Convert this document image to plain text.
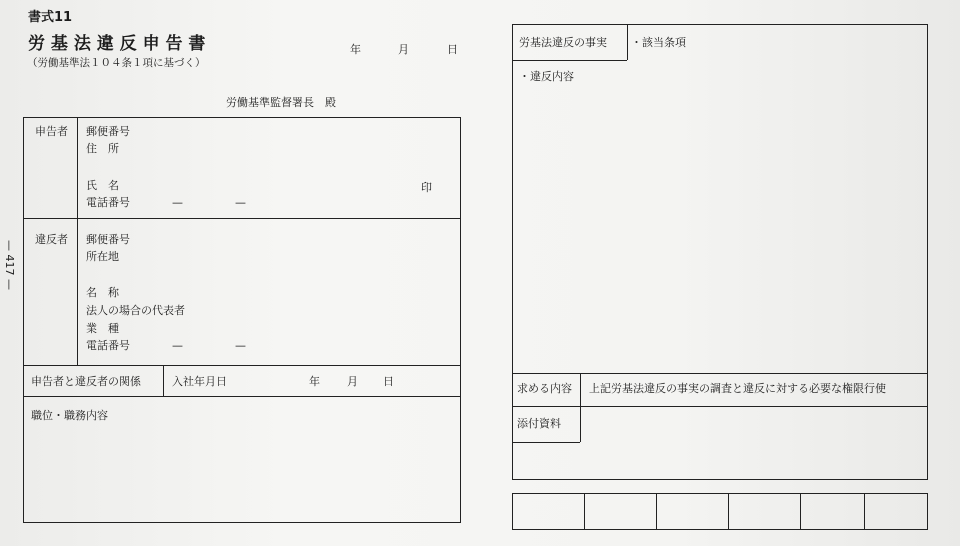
— 417 —
書式11
労 基 法 違 反 申 告 書
（労働基準法１０４条１項に基づく）
年	月	日
労働基準監督署長　殿
申告者 郵便番号
住　所
氏　名	印
電話番号	—	—
違反者 郵便番号
所在地
名　称
法人の場合の代表者
業　種
電話番号	—	—
申告者と違反者の関係	入社年月日	年 月 日
職位・職務内容
労基法違反の事実 ・該当条項
・違反内容
求める内容 上記労基法違反の事実の調査と違反に対する必要な権限行使
添付資料
